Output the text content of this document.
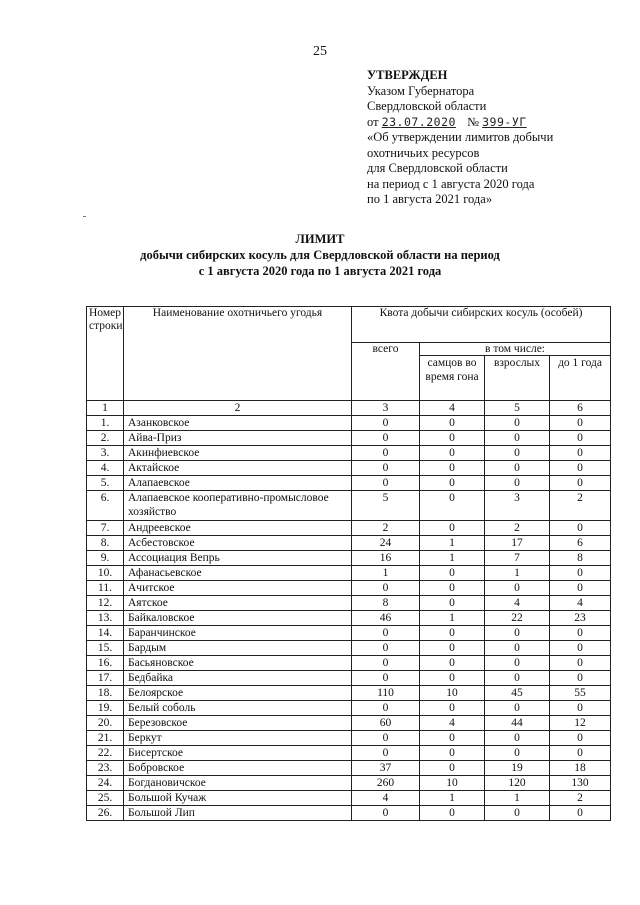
25
УТВЕРЖДЕН
Указом Губернатора
Свердловской области
от 23.07.2020 № 399-УГ
«Об утверждении лимитов добычи
охотничьих ресурсов
для Свердловской области
на период с 1 августа 2020 года
по 1 августа 2021 года»
ЛИМИТ
добычи сибирских косуль для Свердловской области на период
с 1 августа 2020 года по 1 августа 2021 года
Номер строки	Наименование охотничьего угодья	Квота добычи сибирских косуль (особей)			
		всего	в том числе:		
			самцов во время гона	взрослых	до 1 года
1	2	3	4	5	6
1.	Азанковское	0	0	0	0
2.	Айва-Приз	0	0	0	0
3.	Акинфиевское	0	0	0	0
4.	Актайское	0	0	0	0
5.	Алапаевское	0	0	0	0
6.	Алапаевское кооперативно-промысловое хозяйство	5	0	3	2
7.	Андреевское	2	0	2	0
8.	Асбестовское	24	1	17	6
9.	Ассоциация Вепрь	16	1	7	8
10.	Афанасьевское	1	0	1	0
11.	Ачитское	0	0	0	0
12.	Аятское	8	0	4	4
13.	Байкаловское	46	1	22	23
14.	Баранчинское	0	0	0	0
15.	Бардым	0	0	0	0
16.	Басьяновское	0	0	0	0
17.	Бедбайка	0	0	0	0
18.	Белоярское	110	10	45	55
19.	Белый соболь	0	0	0	0
20.	Березовское	60	4	44	12
21.	Беркут	0	0	0	0
22.	Бисертское	0	0	0	0
23.	Бобровское	37	0	19	18
24.	Богдановичское	260	10	120	130
25.	Большой Кучаж	4	1	1	2
26.	Большой Лип	0	0	0	0
